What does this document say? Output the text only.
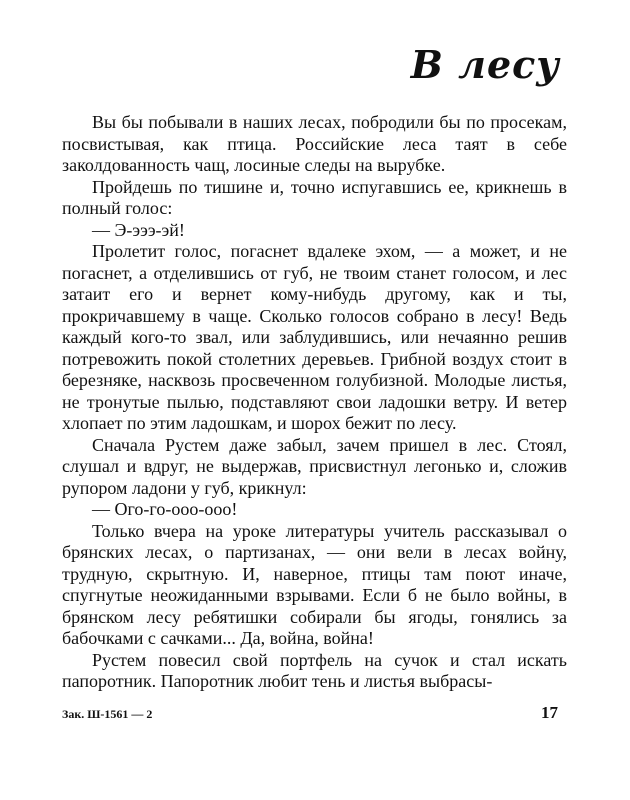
В лесу

Вы бы побывали в наших лесах, побродили бы по просекам, посвистывая, как птица. Российские леса таят в себе заколдованность чащ, лосиные следы на вырубке.

Пройдешь по тишине и, точно испугавшись ее, крикнешь в полный голос:

— Э-эээ-эй!

Пролетит голос, погаснет вдалеке эхом, — а может, и не погаснет, а отделившись от губ, не твоим станет голосом, и лес затаит его и вернет кому-нибудь другому, как и ты, прокричавшему в чаще. Сколько голосов собрано в лесу! Ведь каждый кого-то звал, или заблудившись, или нечаянно решив потревожить покой столетних деревьев. Грибной воздух стоит в березняке, насквозь просвеченном голубизной. Молодые листья, не тронутые пылью, подставляют свои ладошки ветру. И ветер хлопает по этим ладошкам, и шорох бежит по лесу.

Сначала Рустем даже забыл, зачем пришел в лес. Стоял, слушал и вдруг, не выдержав, присвистнул легонько и, сложив рупором ладони у губ, крикнул:

— Ого-го-ооо-ооо!

Только вчера на уроке литературы учитель рассказывал о брянских лесах, о партизанах, — они вели в лесах войну, трудную, скрытную. И, наверное, птицы там поют иначе, спугнутые неожиданными взрывами. Если б не было войны, в брянском лесу ребятишки собирали бы ягоды, гонялись за бабочками с сачками... Да, война, война!

Рустем повесил свой портфель на сучок и стал искать папоротник. Папоротник любит тень и листья выбрасы-

Зак. Ш-1561 — 2	17
